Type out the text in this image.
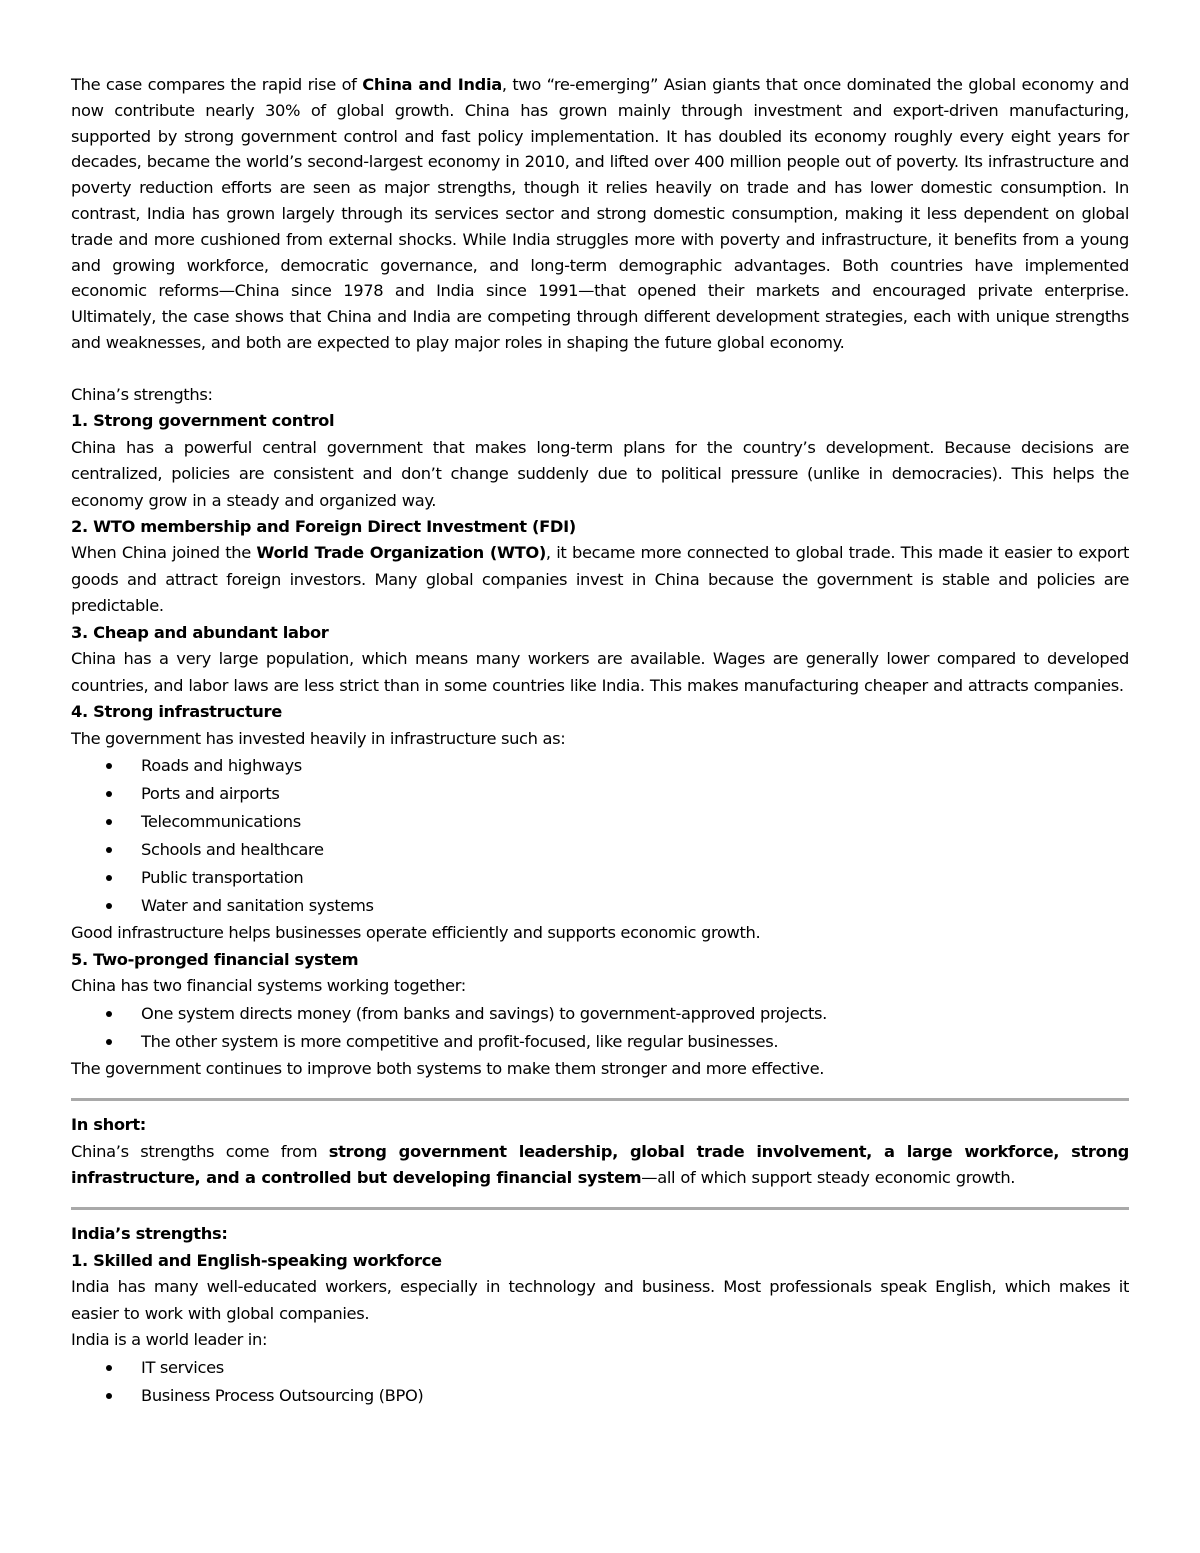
The case compares the rapid rise of China and India, two “re-emerging” Asian giants that once dominated the global economy and now contribute nearly 30% of global growth. China has grown mainly through investment and export-driven manufacturing, supported by strong government control and fast policy implementation. It has doubled its economy roughly every eight years for decades, became the world’s second-largest economy in 2010, and lifted over 400 million people out of poverty. Its infrastructure and poverty reduction efforts are seen as major strengths, though it relies heavily on trade and has lower domestic consumption. In contrast, India has grown largely through its services sector and strong domestic consumption, making it less dependent on global trade and more cushioned from external shocks. While India struggles more with poverty and infrastructure, it benefits from a young and growing workforce, democratic governance, and long-term demographic advantages. Both countries have implemented economic reforms—China since 1978 and India since 1991—that opened their markets and encouraged private enterprise. Ultimately, the case shows that China and India are competing through different development strategies, each with unique strengths and weaknesses, and both are expected to play major roles in shaping the future global economy.

China’s strengths:

1. Strong government control

China has a powerful central government that makes long-term plans for the country’s development. Because decisions are centralized, policies are consistent and don’t change suddenly due to political pressure (unlike in democracies). This helps the economy grow in a steady and organized way.

2. WTO membership and Foreign Direct Investment (FDI)

When China joined the World Trade Organization (WTO), it became more connected to global trade. This made it easier to export goods and attract foreign investors. Many global companies invest in China because the government is stable and policies are predictable.

3. Cheap and abundant labor

China has a very large population, which means many workers are available. Wages are generally lower compared to developed countries, and labor laws are less strict than in some countries like India. This makes manufacturing cheaper and attracts companies.

4. Strong infrastructure

The government has invested heavily in infrastructure such as:

Roads and highways
Ports and airports
Telecommunications
Schools and healthcare
Public transportation
Water and sanitation systems

Good infrastructure helps businesses operate efficiently and supports economic growth.

5. Two-pronged financial system

China has two financial systems working together:

One system directs money (from banks and savings) to government-approved projects.
The other system is more competitive and profit-focused, like regular businesses.

The government continues to improve both systems to make them stronger and more effective.

In short:

China’s strengths come from strong government leadership, global trade involvement, a large workforce, strong infrastructure, and a controlled but developing financial system—all of which support steady economic growth.

India’s strengths:

1. Skilled and English-speaking workforce

India has many well-educated workers, especially in technology and business. Most professionals speak English, which makes it easier to work with global companies.

India is a world leader in:

IT services
Business Process Outsourcing (BPO)
